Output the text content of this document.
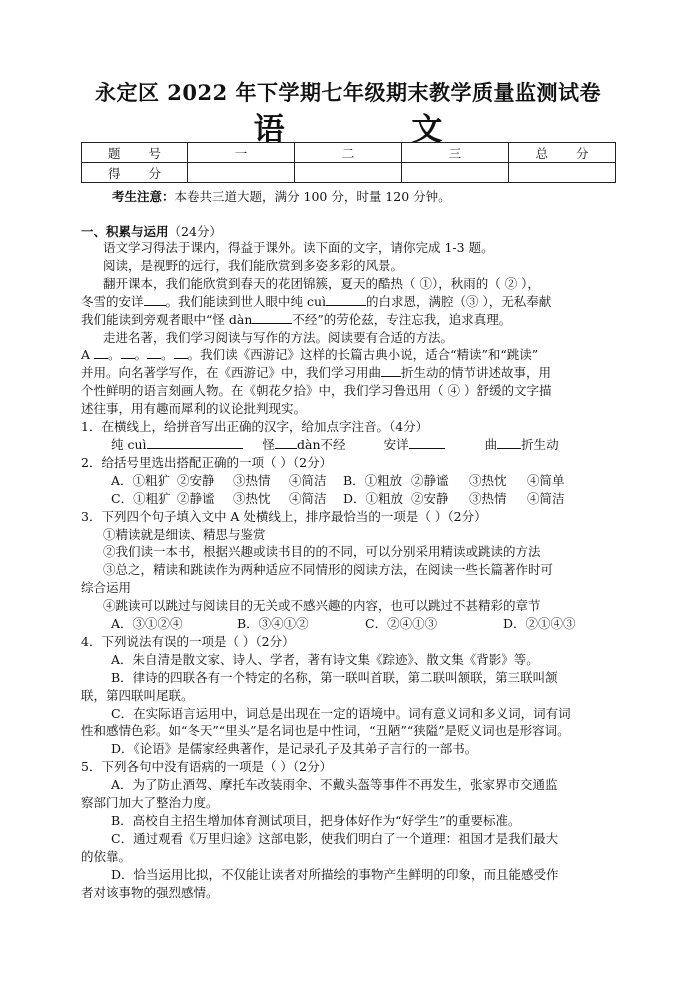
永定区 2022 年下学期七年级期末教学质量监测试卷
语 文
题 号	一	二	三	总 分
得 分				
考生注意：本卷共三道大题，满分 100 分，时量 120 分钟。
一、积累与运用（24分）
语文学习得法于课内，得益于课外。读下面的文字，请你完成 1-3 题。
阅读，是视野的远行，我们能欣赏到多姿多彩的风景。
翻开课本，我们能欣赏到春天的花团锦簇，夏天的酷热（ ①），秋雨的（ ② ），
冬雪的安详 。我们能读到世人眼中纯 cuì	的白求恩，满腔（③ ），无私奉献
我们能读到旁观者眼中“怪 dàn	不经”的劳伦兹，专注忘我，追求真理。
走进名著，我们学习阅读与写作的方法。阅读要有合适的方法。
A 。 。 。 。我们读《西游记》这样的长篇古典小说，适合“精读”和“跳读”
并用。向名著学写作，在《西游记》中，我们学习用曲 折生动的情节讲述故事，用
个性鲜明的语言刻画人物。在《朝花夕拾》中，我们学习鲁迅用（ ④ ）舒缓的文字描
述往事，用有趣而犀利的议论批判现实。
1．在横线上，给拼音写出正确的汉字，给加点字注音。（4分）
纯 cuì	怪 dàn不经	安详	曲 折生动
2．给括号里选出搭配正确的一项（ ）（2分）
A．①粗犷 ②安静	③热情	④简洁	B．①粗放 ②静谧	③热忱	④简单
C．①粗犷 ②静谧	③热忱	④简洁	D．①粗放 ②安静	③热情	④简洁
3．下列四个句子填入文中 A 处横线上，排序最恰当的一项是（ ）（2分）
①精读就是细读、精思与鉴赏
②我们读一本书，根据兴趣或读书目的的不同，可以分别采用精读或跳读的方法
③总之，精读和跳读作为两种适应不同情形的阅读方法，在阅读一些长篇著作时可
综合运用
④跳读可以跳过与阅读目的无关或不感兴趣的内容，也可以跳过不甚精彩的章节
A．③①②④	B．③④①②	C．②④①③	D．②①④③
4．下列说法有误的一项是（ ）（2分）
A．朱自清是散文家、诗人、学者，著有诗文集《踪迹》、散文集《背影》等。
B．律诗的四联各有一个特定的名称，第一联叫首联，第二联叫颔联，第三联叫颔
联，第四联叫尾联。
C．在实际语言运用中，词总是出现在一定的语境中。词有意义词和多义词，词有词
性和感情色彩。如“冬天”“里头”是名词也是中性词，“丑陋”“狭隘”是贬义词也是形容词。
D．《论语》是儒家经典著作，是记录孔子及其弟子言行的一部书。
5．下列各句中没有语病的一项是（ ）（2分）
A．为了防止酒驾、摩托车改装雨伞、不戴头盔等事件不再发生，张家界市交通监
察部门加大了整治力度。
B．高校自主招生增加体育测试项目，把身体好作为“好学生”的重要标准。
C．通过观看《万里归途》这部电影，使我们明白了一个道理：祖国才是我们最大
的依靠。
D．恰当运用比拟，不仅能让读者对所描绘的事物产生鲜明的印象，而且能感受作
者对该事物的强烈感情。
